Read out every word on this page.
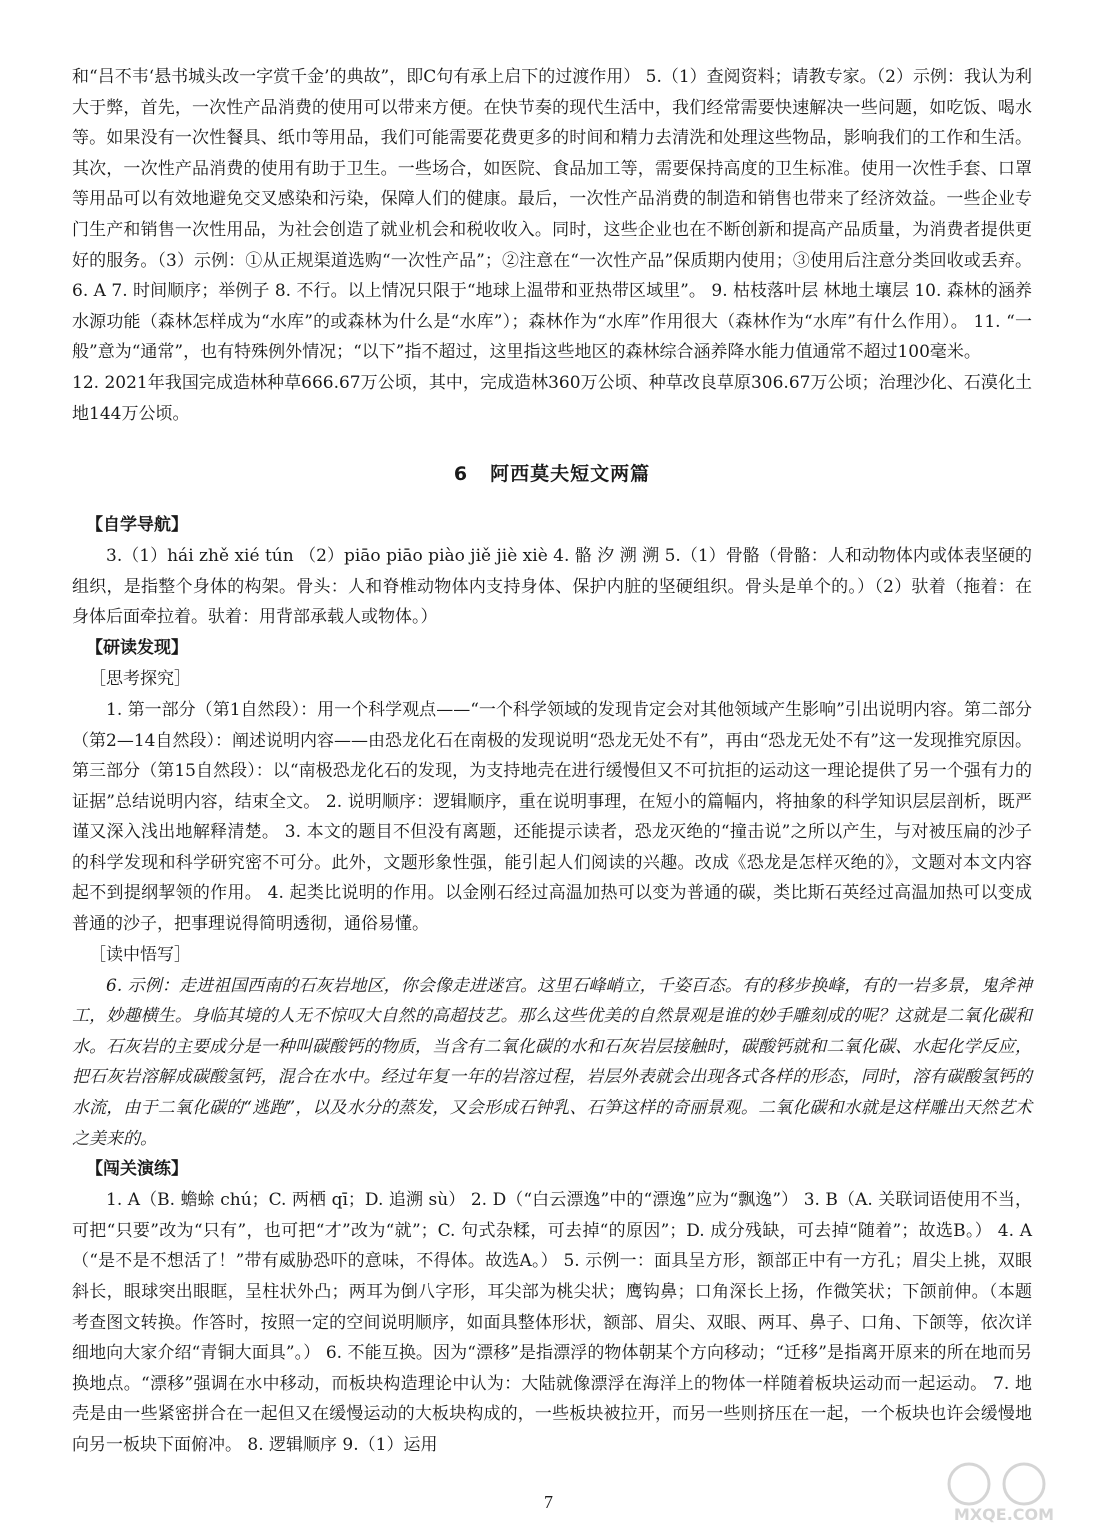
和“吕不韦‘悬书城头改一字赏千金’的典故”，即C句有承上启下的过渡作用） 5.（1）查阅资料；请教专家。（2）示例：我认为利大于弊，首先，一次性产品消费的使用可以带来方便。在快节奏的现代生活中，我们经常需要快速解决一些问题，如吃饭、喝水等。如果没有一次性餐具、纸巾等用品，我们可能需要花费更多的时间和精力去清洗和处理这些物品，影响我们的工作和生活。其次，一次性产品消费的使用有助于卫生。一些场合，如医院、食品加工等，需要保持高度的卫生标准。使用一次性手套、口罩等用品可以有效地避免交叉感染和污染，保障人们的健康。最后，一次性产品消费的制造和销售也带来了经济效益。一些企业专门生产和销售一次性用品，为社会创造了就业机会和税收收入。同时，这些企业也在不断创新和提高产品质量，为消费者提供更好的服务。（3）示例：①从正规渠道选购“一次性产品”；②注意在“一次性产品”保质期内使用；③使用后注意分类回收或丢弃。 6. A 7. 时间顺序；举例子 8. 不行。以上情况只限于“地球上温带和亚热带区域里”。 9. 枯枝落叶层 林地土壤层 10. 森林的涵养水源功能（森林怎样成为“水库”的或森林为什么是“水库”）；森林作为“水库”作用很大（森林作为“水库”有什么作用）。 11. “一般”意为“通常”，也有特殊例外情况；“以下”指不超过，这里指这些地区的森林综合涵养降水能力值通常不超过100毫米。

12. 2021年我国完成造林种草666.67万公顷，其中，完成造林360万公顷、种草改良草原306.67万公顷；治理沙化、石漠化土地144万公顷。

6 阿西莫夫短文两篇
【自学导航】

3.（1）hái zhě xié tún （2）piāo piāo piào jiě jiè xiè 4. 骼 汐 溯 溯 5.（1）骨骼（骨骼：人和动物体内或体表坚硬的组织，是指整个身体的构架。骨头：人和脊椎动物体内支持身体、保护内脏的坚硬组织。骨头是单个的。）（2）驮着（拖着：在身体后面牵拉着。驮着：用背部承载人或物体。）

【研读发现】
［思考探究］

1. 第一部分（第1自然段）：用一个科学观点——“一个科学领域的发现肯定会对其他领域产生影响”引出说明内容。第二部分（第2—14自然段）：阐述说明内容——由恐龙化石在南极的发现说明“恐龙无处不有”，再由“恐龙无处不有”这一发现推究原因。第三部分（第15自然段）：以“南极恐龙化石的发现，为支持地壳在进行缓慢但又不可抗拒的运动这一理论提供了另一个强有力的证据”总结说明内容，结束全文。 2. 说明顺序：逻辑顺序，重在说明事理，在短小的篇幅内，将抽象的科学知识层层剖析，既严谨又深入浅出地解释清楚。 3. 本文的题目不但没有离题，还能提示读者，恐龙灭绝的“撞击说”之所以产生，与对被压扁的沙子的科学发现和科学研究密不可分。此外，文题形象性强，能引起人们阅读的兴趣。改成《恐龙是怎样灭绝的》，文题对本文内容起不到提纲挈领的作用。 4. 起类比说明的作用。以金刚石经过高温加热可以变为普通的碳，类比斯石英经过高温加热可以变成普通的沙子，把事理说得简明透彻，通俗易懂。

［读中悟写］

6. 示例：走进祖国西南的石灰岩地区，你会像走进迷宫。这里石峰峭立，千姿百态。有的移步换峰，有的一岩多景，鬼斧神工，妙趣横生。身临其境的人无不惊叹大自然的高超技艺。那么这些优美的自然景观是谁的妙手雕刻成的呢？这就是二氧化碳和水。石灰岩的主要成分是一种叫碳酸钙的物质，当含有二氧化碳的水和石灰岩层接触时，碳酸钙就和二氧化碳、水起化学反应，把石灰岩溶解成碳酸氢钙，混合在水中。经过年复一年的岩溶过程，岩层外表就会出现各式各样的形态，同时，溶有碳酸氢钙的水流，由于二氧化碳的“逃跑”，以及水分的蒸发，又会形成石钟乳、石笋这样的奇丽景观。二氧化碳和水就是这样雕出天然艺术之美来的。

【闯关演练】

1. A（B. 蟾蜍 chú；C. 两栖 qī；D. 追溯 sù） 2. D（“白云漂逸”中的“漂逸”应为“飘逸”） 3. B（A. 关联词语使用不当，可把“只要”改为“只有”，也可把“才”改为“就”；C. 句式杂糅，可去掉“的原因”；D. 成分残缺，可去掉“随着”；故选B。） 4. A（“是不是不想活了！”带有威胁恐吓的意味，不得体。故选A。） 5. 示例一：面具呈方形，额部正中有一方孔；眉尖上挑，双眼斜长，眼球突出眼眶，呈柱状外凸；两耳为倒八字形，耳尖部为桃尖状；鹰钩鼻；口角深长上扬，作微笑状；下颌前伸。（本题考查图文转换。作答时，按照一定的空间说明顺序，如面具整体形状，额部、眉尖、双眼、两耳、鼻子、口角、下颌等，依次详细地向大家介绍“青铜大面具”。） 6. 不能互换。因为“漂移”是指漂浮的物体朝某个方向移动；“迁移”是指离开原来的所在地而另换地点。“漂移”强调在水中移动，而板块构造理论中认为：大陆就像漂浮在海洋上的物体一样随着板块运动而一起运动。 7. 地壳是由一些紧密拼合在一起但又在缓慢运动的大板块构成的，一些板块被拉开，而另一些则挤压在一起，一个板块也许会缓慢地向另一板块下面俯冲。 8. 逻辑顺序 9.（1）运用

7
MXQE.COM
